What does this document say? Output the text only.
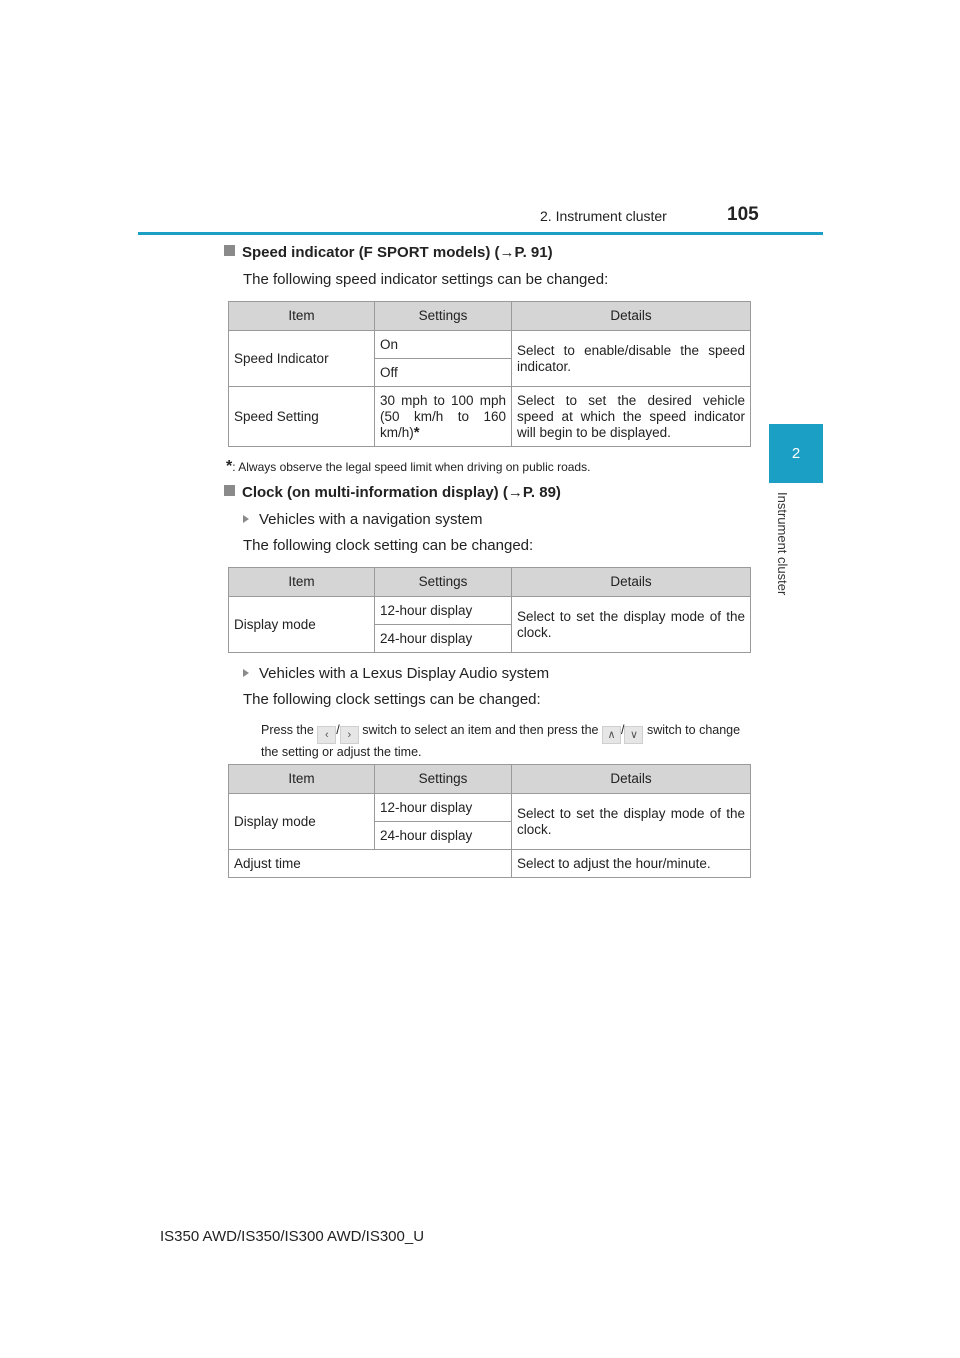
2. Instrument cluster	105
2
Instrument cluster
Speed indicator (F SPORT models) (→P. 91)
The following speed indicator settings can be changed:
Item	Settings	Details
Speed Indicator	On	Select to enable/disable the speed indicator.
	Off	
Speed Setting	30 mph to 100 mph (50 km/h to 160 km/h)*	Select to set the desired vehicle speed at which the speed indicator will begin to be displayed.
*: Always observe the legal speed limit when driving on public roads.
Clock (on multi-information display) (→P. 89)
Vehicles with a navigation system
The following clock setting can be changed:
Item	Settings	Details
Display mode	12-hour display	Select to set the display mode of the clock.
	24-hour display	
Vehicles with a Lexus Display Audio system
The following clock settings can be changed:
Press the ‹ / › switch to select an item and then press the ∧ / ∨ switch to change the setting or adjust the time.
Item	Settings	Details
Display mode	12-hour display	Select to set the display mode of the clock.
	24-hour display	
Adjust time		Select to adjust the hour/minute.
IS350 AWD/IS350/IS300 AWD/IS300_U
